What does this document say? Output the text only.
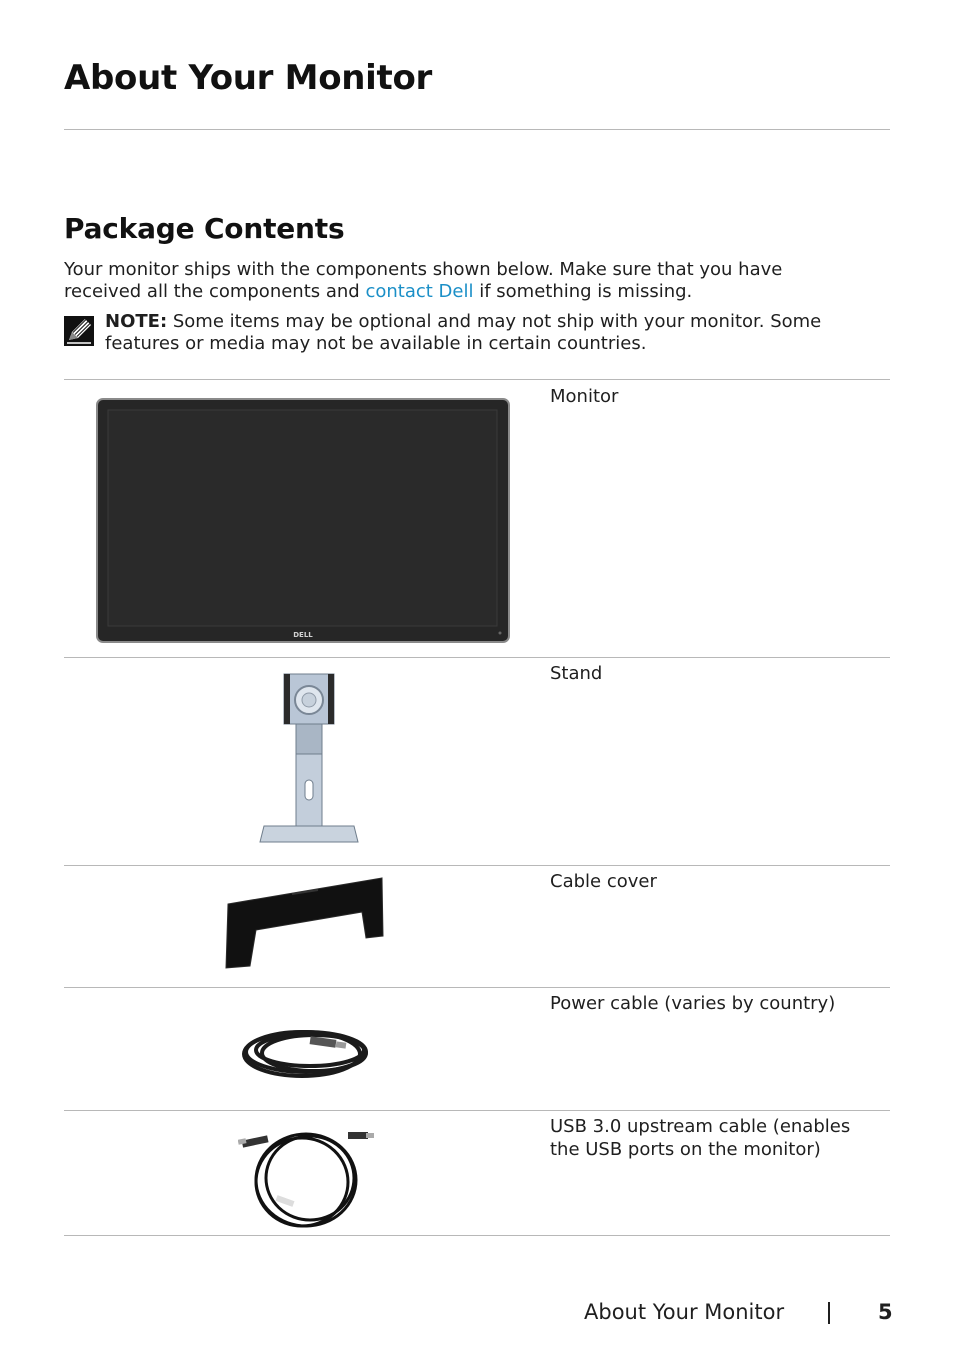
About Your Monitor
Package Contents

Your monitor ships with the components shown below. Make sure that you have received all the components and contact Dell if something is missing.

NOTE: Some items may be optional and may not ship with your monitor. Some features or media may not be available in certain countries.

DELL

Monitor

Stand

Cable cover

Power cable (varies by country)

USB 3.0 upstream cable (enables the USB ports on the monitor)

About Your Monitor	5
